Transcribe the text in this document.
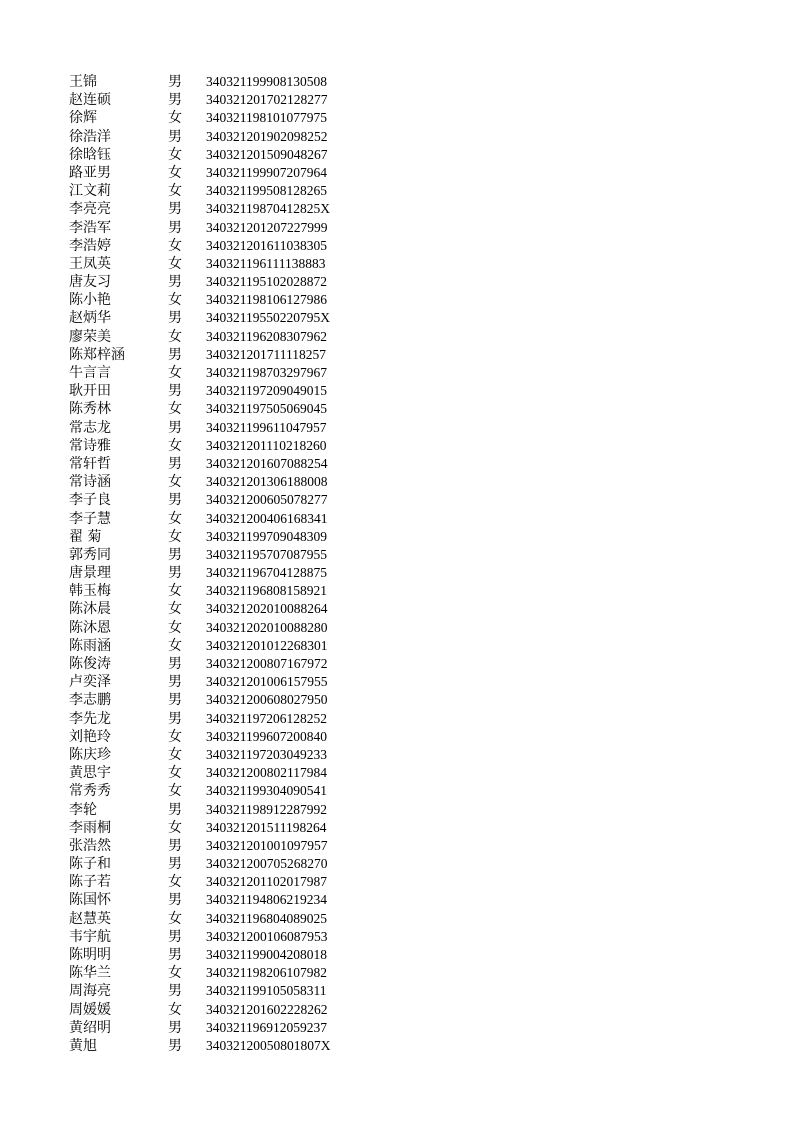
王锦	男	340321199908130508
赵连硕	男	340321201702128277
徐辉	女	340321198101077975
徐浩洋	男	340321201902098252
徐晗钰	女	340321201509048267
路亚男	女	340321199907207964
江文莉	女	340321199508128265
李亮亮	男	34032119870412825X
李浩军	男	340321201207227999
李浩婷	女	340321201611038305
王凤英	女	340321196111138883
唐友习	男	340321195102028872
陈小艳	女	340321198106127986
赵炳华	男	34032119550220795X
廖荣美	女	340321196208307962
陈郑梓涵	男	340321201711118257
牛言言	女	340321198703297967
耿开田	男	340321197209049015
陈秀林	女	340321197505069045
常志龙	男	340321199611047957
常诗雅	女	340321201110218260
常轩哲	男	340321201607088254
常诗涵	女	340321201306188008
李子良	男	340321200605078277
李子慧	女	340321200406168341
翟 菊	女	340321199709048309
郭秀同	男	340321195707087955
唐景理	男	340321196704128875
韩玉梅	女	340321196808158921
陈沐晨	女	340321202010088264
陈沐恩	女	340321202010088280
陈雨涵	女	340321201012268301
陈俊涛	男	340321200807167972
卢奕泽	男	340321201006157955
李志鹏	男	340321200608027950
李先龙	男	340321197206128252
刘艳玲	女	340321199607200840
陈庆珍	女	340321197203049233
黄思宇	女	340321200802117984
常秀秀	女	340321199304090541
李轮	男	340321198912287992
李雨桐	女	340321201511198264
张浩然	男	340321201001097957
陈子和	男	340321200705268270
陈子若	女	340321201102017987
陈国怀	男	340321194806219234
赵慧英	女	340321196804089025
韦宇航	男	340321200106087953
陈明明	男	340321199004208018
陈华兰	女	340321198206107982
周海亮	男	340321199105058311
周媛媛	女	340321201602228262
黄绍明	男	340321196912059237
黄旭	男	34032120050801807X
